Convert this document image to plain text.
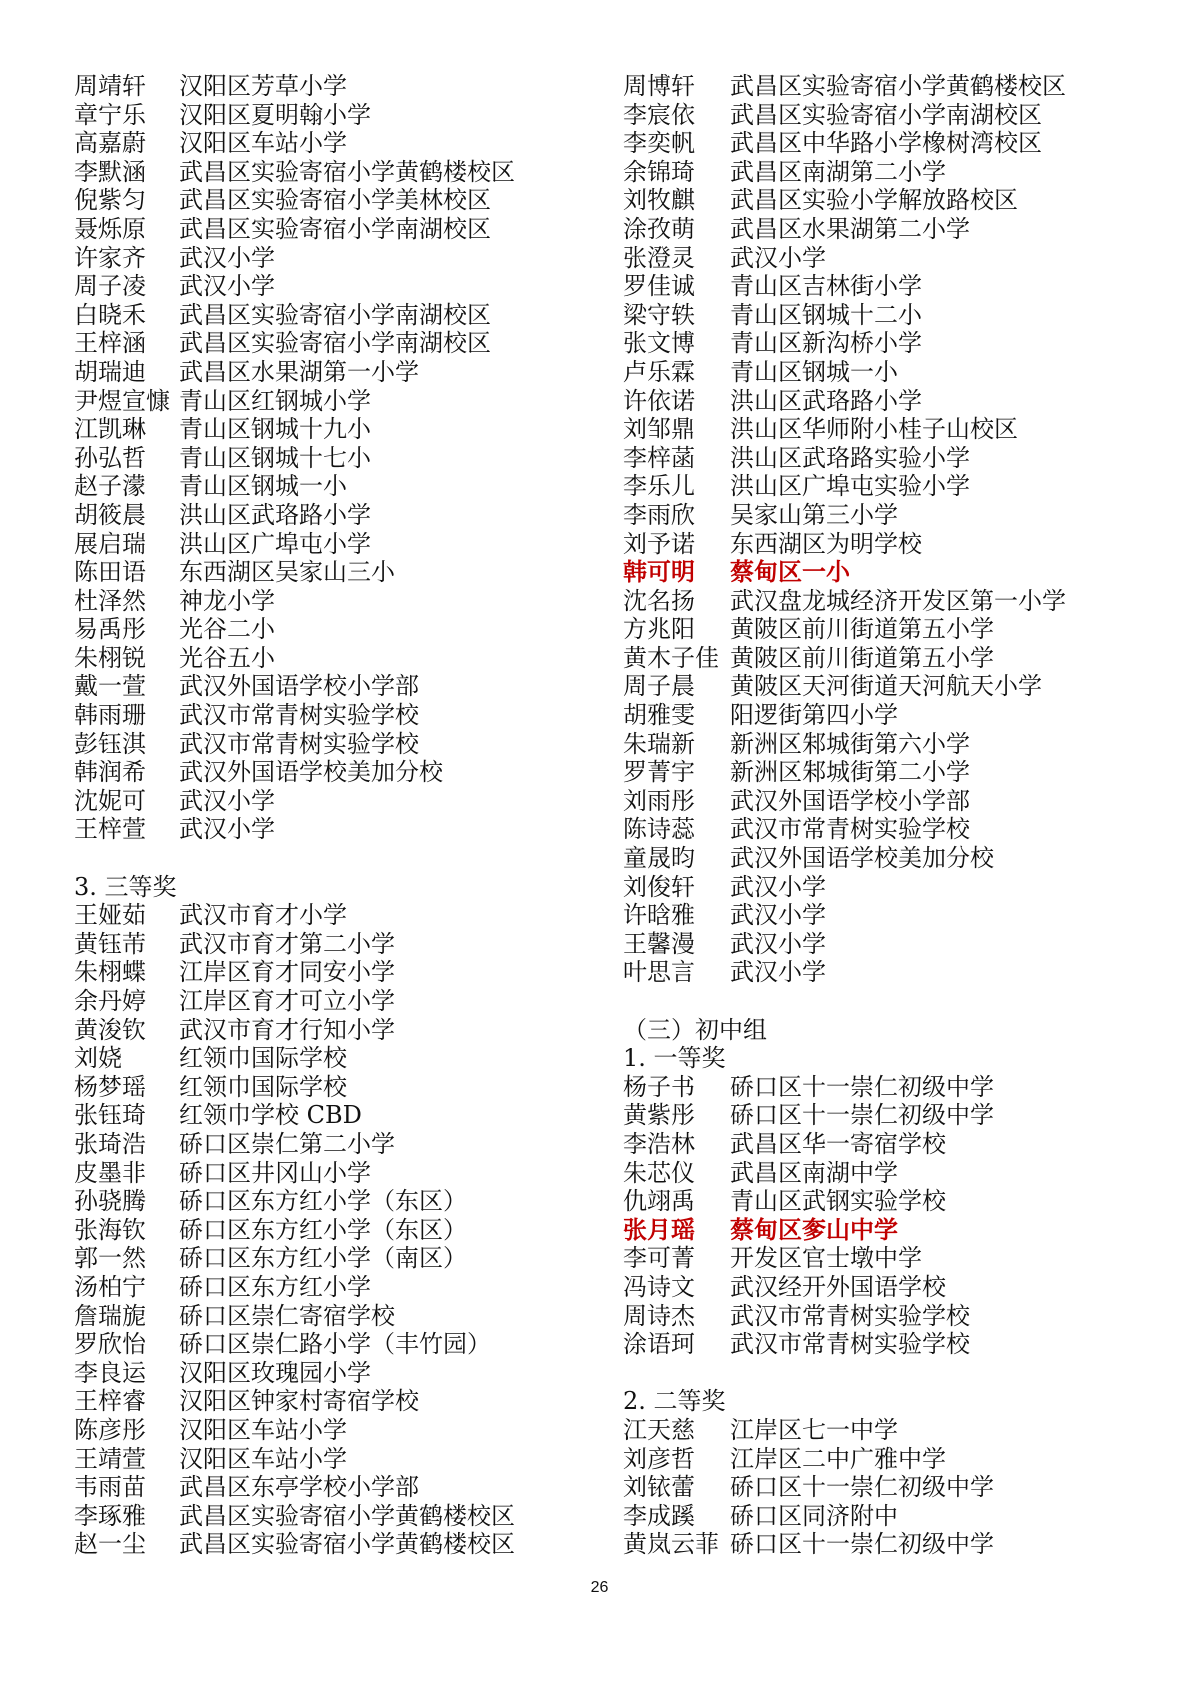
周靖轩 汉阳区芳草小学
章宁乐 汉阳区夏明翰小学
高嘉蔚 汉阳区车站小学
李默涵 武昌区实验寄宿小学黄鹤楼校区
倪紫匀 武昌区实验寄宿小学美林校区
聂烁原 武昌区实验寄宿小学南湖校区
许家齐 武汉小学
周子凌 武汉小学
白晓禾 武昌区实验寄宿小学南湖校区
王梓涵 武昌区实验寄宿小学南湖校区
胡瑞迪 武昌区水果湖第一小学
尹煜宣慷 青山区红钢城小学
江凯琳 青山区钢城十九小
孙弘哲 青山区钢城十七小
赵子濛 青山区钢城一小
胡筱晨 洪山区武珞路小学
展启瑞 洪山区广埠屯小学
陈田语 东西湖区吴家山三小
杜泽然 神龙小学
易禹彤 光谷二小
朱栩锐 光谷五小
戴一萱 武汉外国语学校小学部
韩雨珊 武汉市常青树实验学校
彭钰淇 武汉市常青树实验学校
韩润希 武汉外国语学校美加分校
沈妮可 武汉小学
王梓萱 武汉小学
3. 三等奖
王娅茹 武汉市育才小学
黄钰芾 武汉市育才第二小学
朱栩蝶 江岸区育才同安小学
余丹婷 江岸区育才可立小学
黄浚钦 武汉市育才行知小学
刘娆 红领巾国际学校
杨梦瑶 红领巾国际学校
张钰琦 红领巾学校 CBD
张琦浩 硚口区崇仁第二小学
皮墨非 硚口区井冈山小学
孙骁腾 硚口区东方红小学（东区）
张海钦 硚口区东方红小学（东区）
郭一然 硚口区东方红小学（南区）
汤柏宁 硚口区东方红小学
詹瑞旎 硚口区崇仁寄宿学校
罗欣怡 硚口区崇仁路小学（丰竹园）
李良运 汉阳区玫瑰园小学
王梓睿 汉阳区钟家村寄宿学校
陈彦彤 汉阳区车站小学
王靖萱 汉阳区车站小学
韦雨苗 武昌区东亭学校小学部
李琢雅 武昌区实验寄宿小学黄鹤楼校区
赵一尘 武昌区实验寄宿小学黄鹤楼校区
周博轩 武昌区实验寄宿小学黄鹤楼校区
李宸依 武昌区实验寄宿小学南湖校区
李奕帆 武昌区中华路小学橡树湾校区
余锦琦 武昌区南湖第二小学
刘牧麒 武昌区实验小学解放路校区
涂孜萌 武昌区水果湖第二小学
张澄灵 武汉小学
罗佳诚 青山区吉林街小学
梁守轶 青山区钢城十二小
张文博 青山区新沟桥小学
卢乐霖 青山区钢城一小
许依诺 洪山区武珞路小学
刘邹鼎 洪山区华师附小桂子山校区
李梓菡 洪山区武珞路实验小学
李乐儿 洪山区广埠屯实验小学
李雨欣 吴家山第三小学
刘予诺 东西湖区为明学校
韩可明 蔡甸区一小
沈名扬 武汉盘龙城经济开发区第一小学
方兆阳 黄陂区前川街道第五小学
黄木子佳 黄陂区前川街道第五小学
周子晨 黄陂区天河街道天河航天小学
胡雅雯 阳逻街第四小学
朱瑞新 新洲区邾城街第六小学
罗菁宇 新洲区邾城街第二小学
刘雨彤 武汉外国语学校小学部
陈诗蕊 武汉市常青树实验学校
童晟昀 武汉外国语学校美加分校
刘俊轩 武汉小学
许晗雅 武汉小学
王馨漫 武汉小学
叶思言 武汉小学
（三）初中组
1. 一等奖
杨子书 硚口区十一崇仁初级中学
黄紫彤 硚口区十一崇仁初级中学
李浩林 武昌区华一寄宿学校
朱芯仪 武昌区南湖中学
仇翊禹 青山区武钢实验学校
张月瑶 蔡甸区奓山中学
李可菁 开发区官士墩中学
冯诗文 武汉经开外国语学校
周诗杰 武汉市常青树实验学校
涂语珂 武汉市常青树实验学校
2. 二等奖
江天慈 江岸区七一中学
刘彦哲 江岸区二中广雅中学
刘铱蕾 硚口区十一崇仁初级中学
李成蹊 硚口区同济附中
黄岚云菲 硚口区十一崇仁初级中学
26
